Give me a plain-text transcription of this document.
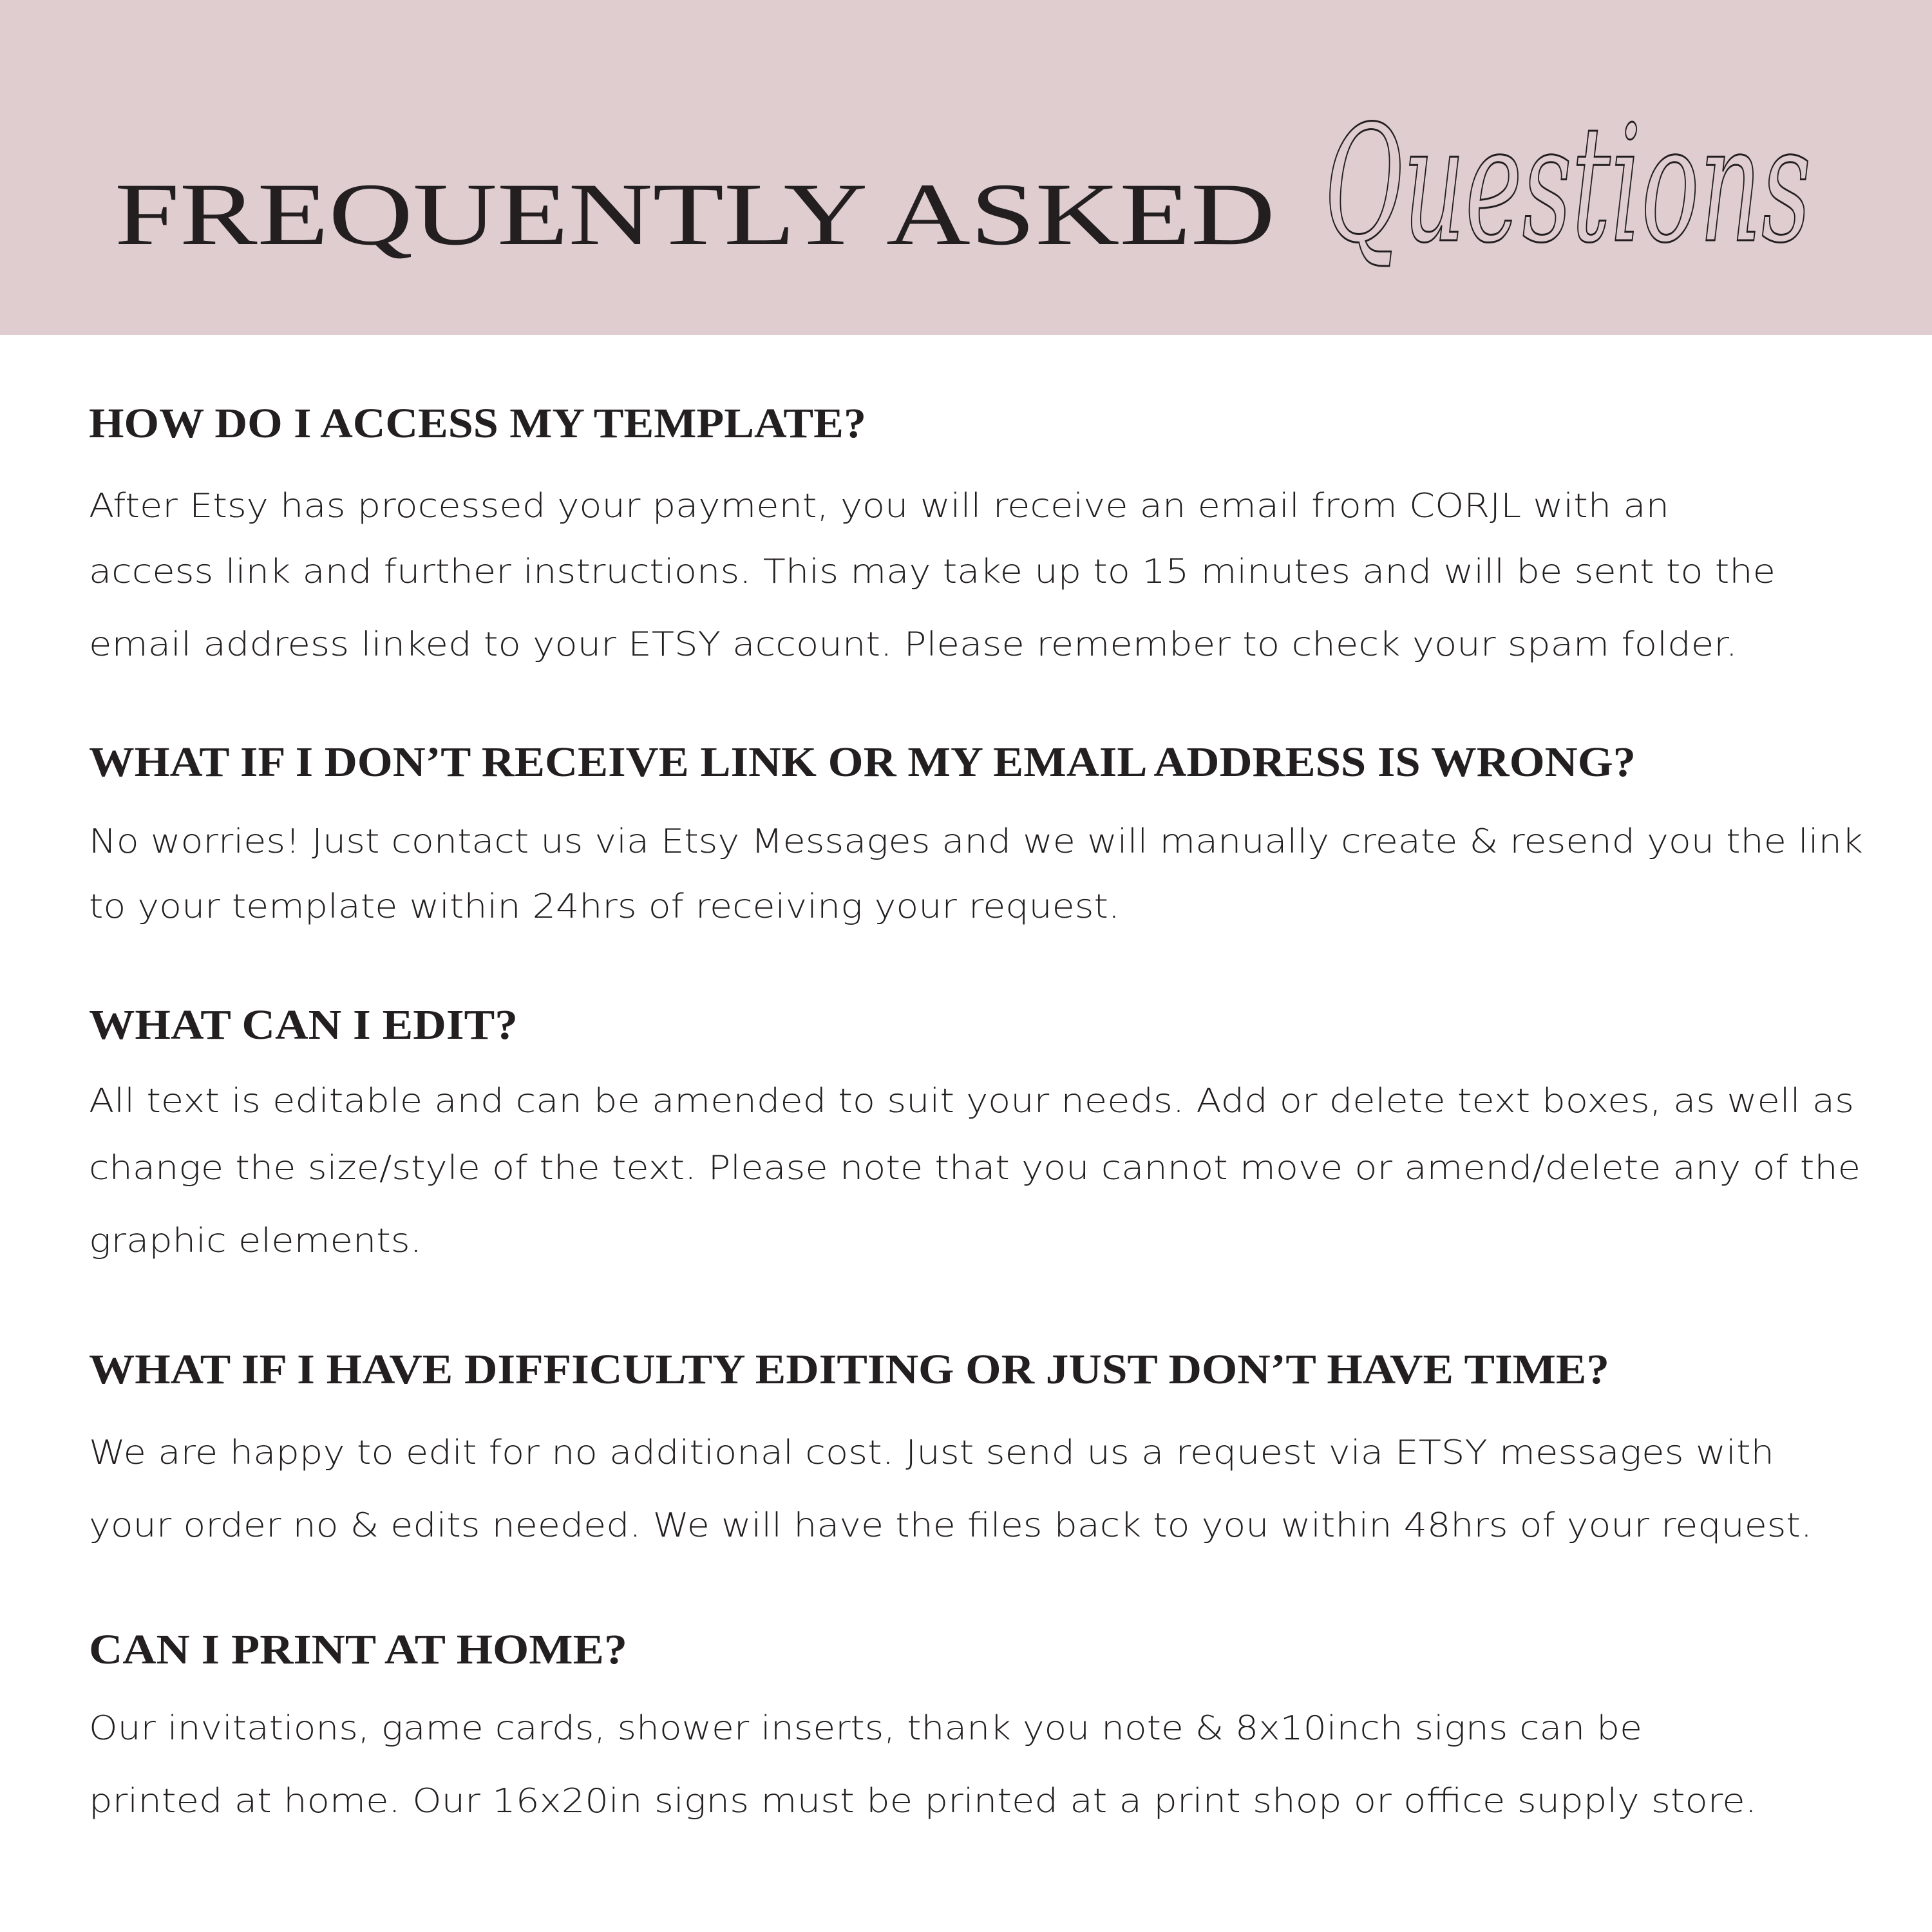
FREQUENTLY ASKED Questions
HOW DO I ACCESS MY TEMPLATE?
After Etsy has processed your payment, you will receive an email from CORJL with an
access link and further instructions. This may take up to 15 minutes and will be sent to the
email address linked to your ETSY account. Please remember to check your spam folder.
WHAT IF I DON’T RECEIVE LINK OR MY EMAIL ADDRESS IS WRONG?
No worries! Just contact us via Etsy Messages and we will manually create & resend you the link
to your template within 24hrs of receiving your request.
WHAT CAN I EDIT?
All text is editable and can be amended to suit your needs. Add or delete text boxes, as well as
change the size/style of the text. Please note that you cannot move or amend/delete any of the
graphic elements.
WHAT IF I HAVE DIFFICULTY EDITING OR JUST DON’T HAVE TIME?
We are happy to edit for no additional cost. Just send us a request via ETSY messages with
your order no & edits needed. We will have the files back to you within 48hrs of your request.
CAN I PRINT AT HOME?
Our invitations, game cards, shower inserts, thank you note & 8x10inch signs can be
printed at home. Our 16x20in signs must be printed at a print shop or office supply store.
